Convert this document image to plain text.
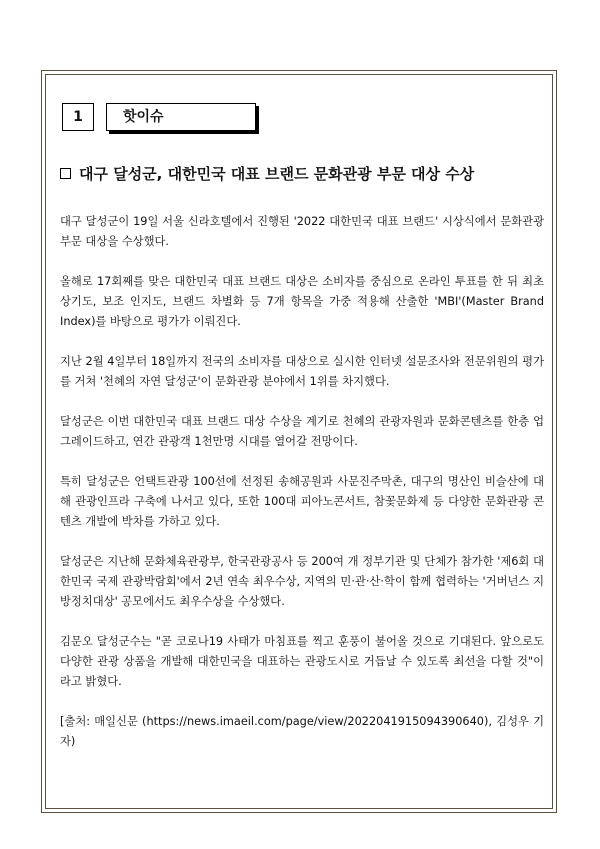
1	핫이슈
대구 달성군, 대한민국 대표 브랜드 문화관광 부문 대상 수상

대구 달성군이 19일 서울 신라호텔에서 진행된 '2022 대한민국 대표 브랜드' 시상식에서 문화관광 부문 대상을 수상했다.

올해로 17회째를 맞은 대한민국 대표 브랜드 대상은 소비자를 중심으로 온라인 투표를 한 뒤 최초 상기도, 보조 인지도, 브랜드 차별화 등 7개 항목을 가중 적용해 산출한 'MBI'(Master Brand Index)를 바탕으로 평가가 이뤄진다.

지난 2월 4일부터 18일까지 전국의 소비자를 대상으로 실시한 인터넷 설문조사와 전문위원의 평가를 거쳐 '천혜의 자연 달성군'이 문화관광 분야에서 1위를 차지했다.

달성군은 이번 대한민국 대표 브랜드 대상 수상을 계기로 천혜의 관광자원과 문화콘텐츠를 한층 업그레이드하고, 연간 관광객 1천만명 시대를 열어갈 전망이다.

특히 달성군은 언택트관광 100선에 선정된 송해공원과 사문진주막촌, 대구의 명산인 비슬산에 대해 관광인프라 구축에 나서고 있다, 또한 100대 피아노콘서트, 참꽃문화제 등 다양한 문화관광 콘텐츠 개발에 박차를 가하고 있다.

달성군은 지난해 문화체육관광부, 한국관광공사 등 200여 개 정부기관 및 단체가 참가한 '제6회 대한민국 국제 관광박람회'에서 2년 연속 최우수상, 지역의 민·관·산·학이 함께 협력하는 '거버넌스 지방정치대상' 공모에서도 최우수상을 수상했다.

김문오 달성군수는 "곧 코로나19 사태가 마침표를 찍고 훈풍이 불어올 것으로 기대된다. 앞으로도 다양한 관광 상품을 개발해 대한민국을 대표하는 관광도시로 거듭날 수 있도록 최선을 다할 것"이라고 밝혔다.

[출처: 매일신문 (https://news.imaeil.com/page/view/2022041915094390640), 김성우 기자)
